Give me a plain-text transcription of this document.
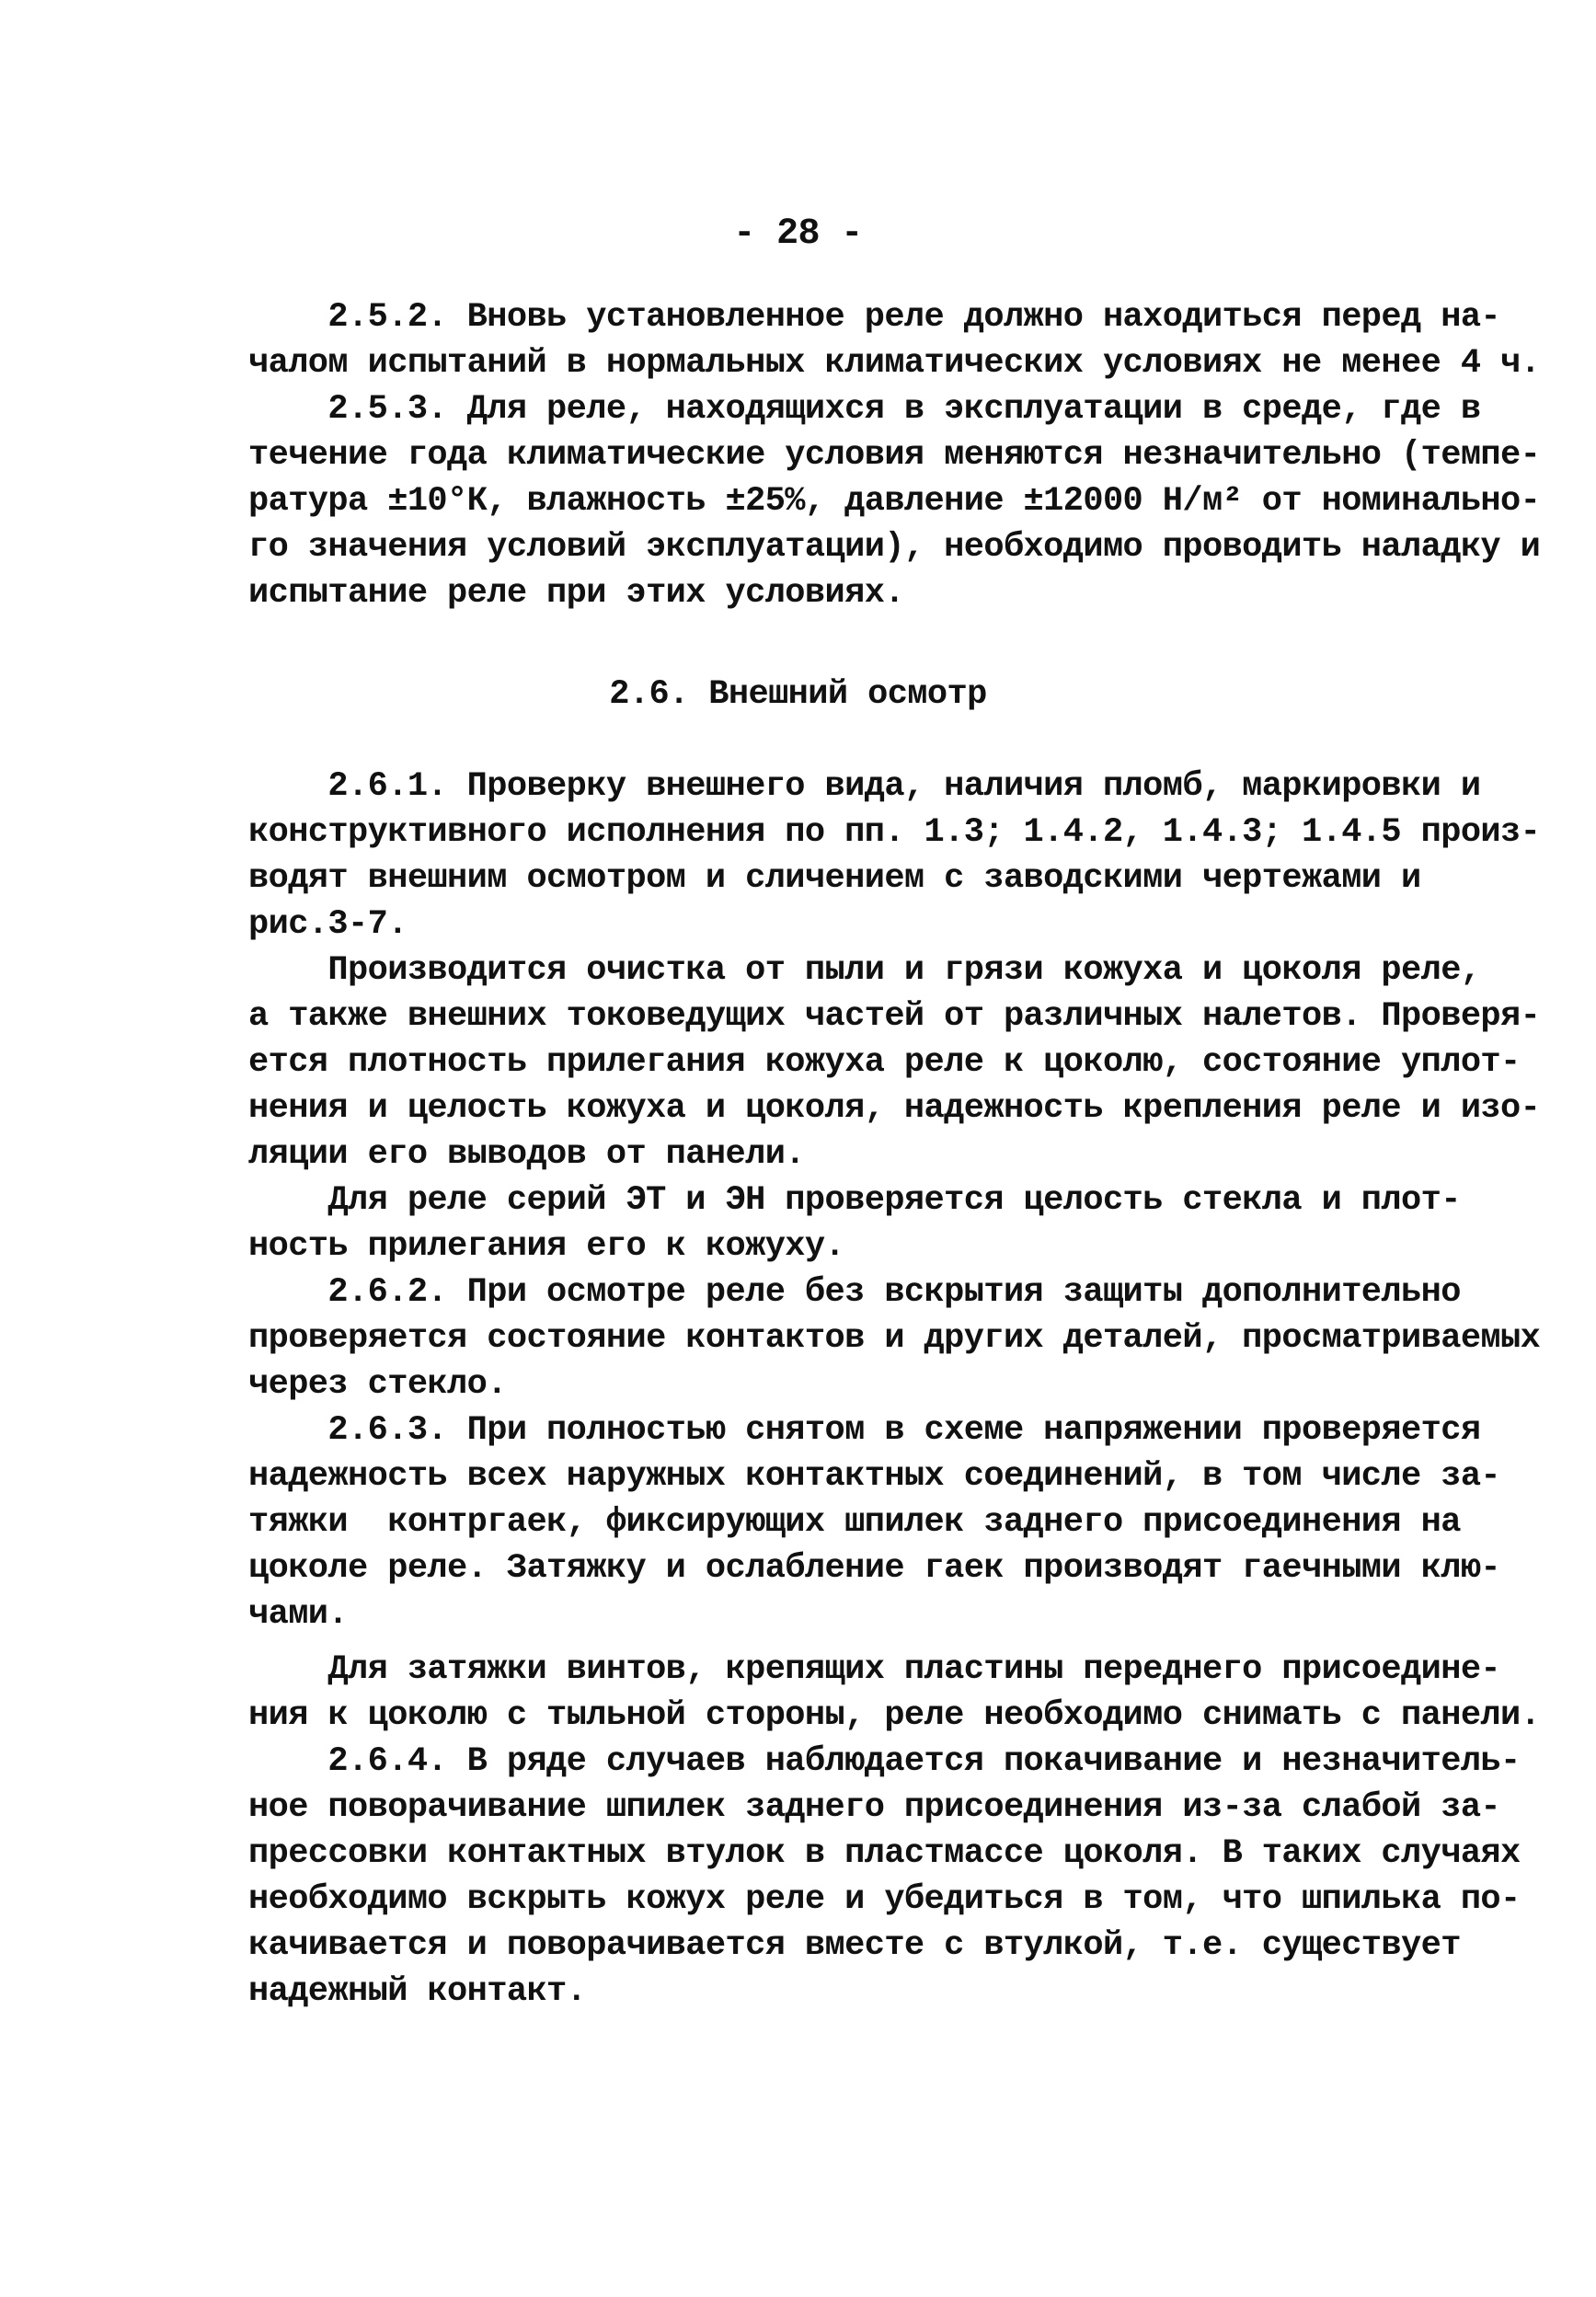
- 28 -
2.5.2. Вновь установленное реле должно находиться перед на-
чалом испытаний в нормальных климатических условиях не менее 4 ч.
2.5.3. Для реле, находящихся в эксплуатации в среде, где в
течение года климатические условия меняются незначительно (темпе-
ратура ±10°К, влажность ±25%, давление ±12000 Н/м² от номинально-
го значения условий эксплуатации), необходимо проводить наладку и
испытание реле при этих условиях.
2.6. Внешний осмотр
2.6.1. Проверку внешнего вида, наличия пломб, маркировки и
конструктивного исполнения по пп. 1.3; 1.4.2, 1.4.3; 1.4.5 произ-
водят внешним осмотром и сличением с заводскими чертежами и
рис.3-7.
Производится очистка от пыли и грязи кожуха и цоколя реле,
а также внешних токоведущих частей от различных налетов. Проверя-
ется плотность прилегания кожуха реле к цоколю, состояние уплот-
нения и целость кожуха и цоколя, надежность крепления реле и изо-
ляции его выводов от панели.
Для реле серий ЭТ и ЭН проверяется целость стекла и плот-
ность прилегания его к кожуху.
2.6.2. При осмотре реле без вскрытия защиты дополнительно
проверяется состояние контактов и других деталей, просматриваемых
через стекло.
2.6.3. При полностью снятом в схеме напряжении проверяется
надежность всех наружных контактных соединений, в том числе за-
тяжки  контргаек, фиксирующих шпилек заднего присоединения на
цоколе реле. Затяжку и ослабление гаек производят гаечными клю-
чами.
Для затяжки винтов, крепящих пластины переднего присоедине-
ния к цоколю с тыльной стороны, реле необходимо снимать с панели.
2.6.4. В ряде случаев наблюдается покачивание и незначитель-
ное поворачивание шпилек заднего присоединения из-за слабой за-
прессовки контактных втулок в пластмассе цоколя. В таких случаях
необходимо вскрыть кожух реле и убедиться в том, что шпилька по-
качивается и поворачивается вместе с втулкой, т.е. существует
надежный контакт.
